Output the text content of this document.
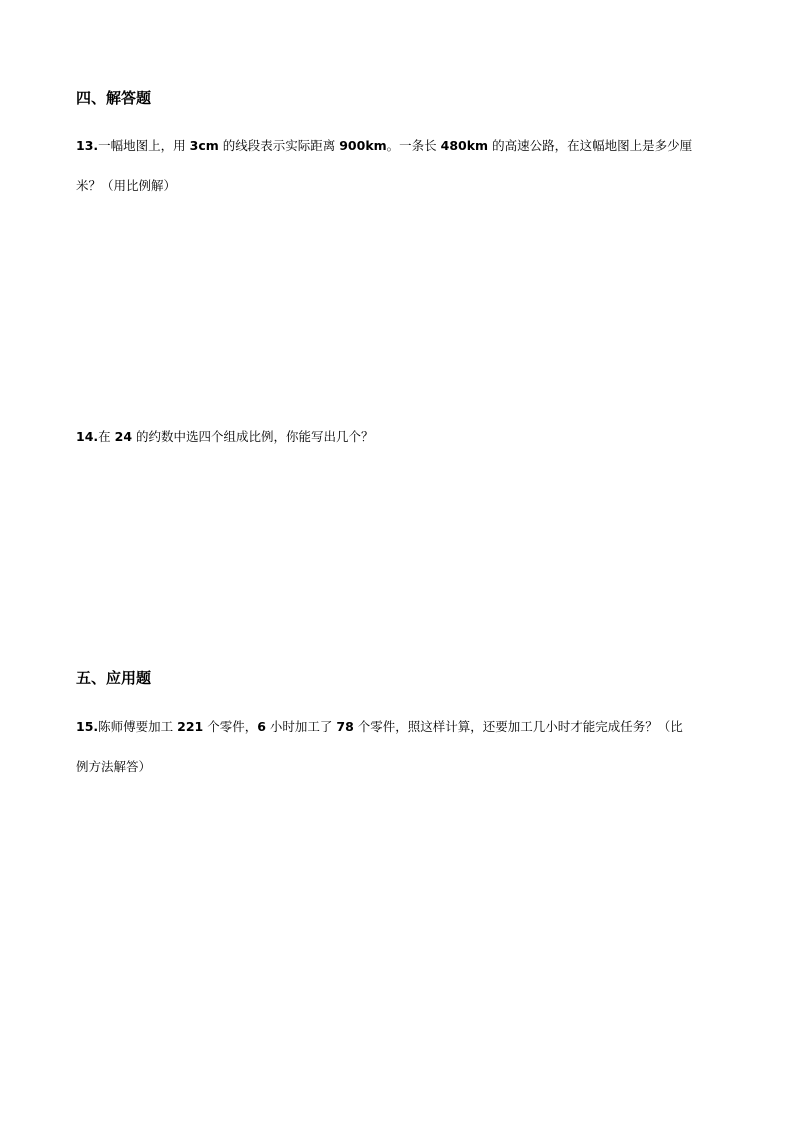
四、解答题
13.一幅地图上，用 3cm 的线段表示实际距离 900km。一条长 480km 的高速公路，在这幅地图上是多少厘
米？（用比例解）
14.在 24 的约数中选四个组成比例，你能写出几个？
五、应用题
15.陈师傅要加工 221 个零件，6 小时加工了 78 个零件，照这样计算，还要加工几小时才能完成任务？（比
例方法解答）
